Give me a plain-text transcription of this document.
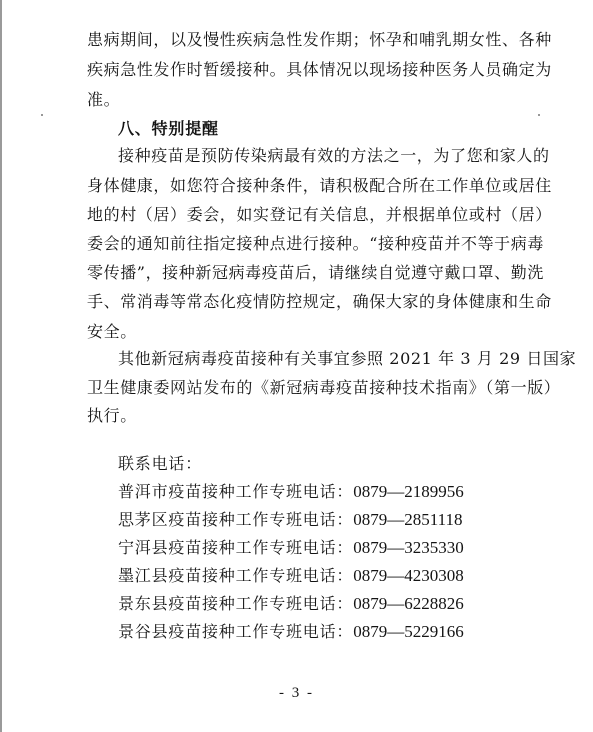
患病期间，以及慢性疾病急性发作期；怀孕和哺乳期女性、各种
疾病急性发作时暂缓接种。具体情况以现场接种医务人员确定为
准。
八、特别提醒
接种疫苗是预防传染病最有效的方法之一，为了您和家人的
身体健康，如您符合接种条件，请积极配合所在工作单位或居住
地的村（居）委会，如实登记有关信息，并根据单位或村（居）
委会的通知前往指定接种点进行接种。“接种疫苗并不等于病毒
零传播”，接种新冠病毒疫苗后，请继续自觉遵守戴口罩、勤洗
手、常消毒等常态化疫情防控规定，确保大家的身体健康和生命
安全。
其他新冠病毒疫苗接种有关事宜参照 2021 年 3 月 29 日国家
卫生健康委网站发布的《新冠病毒疫苗接种技术指南》（第一版）
执行。
联系电话：
普洱市疫苗接种工作专班电话：0879—2189956
思茅区疫苗接种工作专班电话：0879—2851118
宁洱县疫苗接种工作专班电话：0879—3235330
墨江县疫苗接种工作专班电话：0879—4230308
景东县疫苗接种工作专班电话：0879—6228826
景谷县疫苗接种工作专班电话：0879—5229166
- 3 -
